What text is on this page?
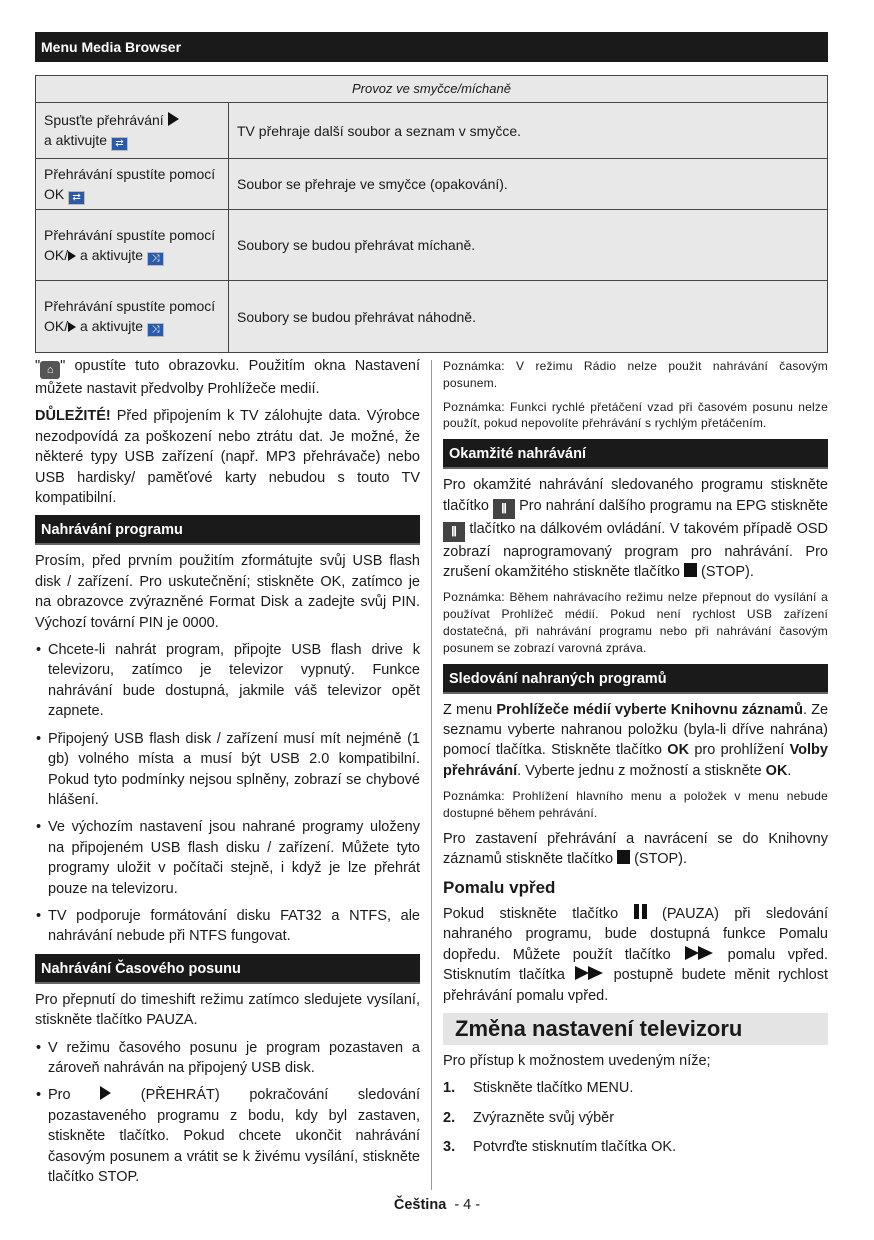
Menu Media Browser
Provoz ve smyčce/míchaně	
Spusťte přehrávání
a aktivujte ⇄	TV přehraje další soubor a seznam v smyčce.
Přehrávání spustíte pomocí OK ⇄	Soubor se přehraje ve smyčce (opakování).
Přehrávání spustíte pomocí OK/ a aktivujte ⤨	Soubory se budou přehrávat míchaně.
Přehrávání spustíte pomocí OK/ a aktivujte ⤨	Soubory se budou přehrávat náhodně.

" ⌂ " opustíte tuto obrazovku. Použitím okna Nastavení můžete nastavit předvolby Prohlížeče medií.

DŮLEŽITÉ! Před připojením k TV zálohujte data. Výrobce nezodpovídá za poškození nebo ztrátu dat. Je možné, že některé typy USB zařízení (např. MP3 přehrávače) nebo USB hardisky/ paměťové karty nebudou s touto TV kompatibilní.

Nahrávání programu

Prosím, před prvním použitím zformátujte svůj USB flash disk / zařízení. Pro uskutečnění; stiskněte OK, zatímco je na obrazovce zvýrazněné Format Disk a zadejte svůj PIN. Výchozí tovární PIN je 0000.

• Chcete-li nahrát program, připojte USB flash drive k televizoru, zatímco je televizor vypnutý. Funkce nahrávání bude dostupná, jakmile váš televizor opět zapnete.
• Připojený USB flash disk / zařízení musí mít nejméně (1 gb) volného místa a musí být USB 2.0 kompatibilní. Pokud tyto podmínky nejsou splněny, zobrazí se chybové hlášení.
• Ve výchozím nastavení jsou nahrané programy uloženy na připojeném USB flash disku / zařízení. Můžete tyto programy uložit v počítači stejně, i když je lze přehrát pouze na televizoru.
• TV podporuje formátování disku FAT32 a NTFS, ale nahrávání nebude při NTFS fungovat.
Nahrávání Časového posunu

Pro přepnutí do timeshift režimu zatímco sledujete vysílaní, stiskněte tlačítko PAUZA.

• V režimu časového posunu je program pozastaven a zároveň nahráván na připojený USB disk.
• Pro  (PŘEHRÁT) pokračování sledování pozastaveného programu z bodu, kdy byl zastaven, stiskněte tlačítko. Pokud chcete ukončit nahrávání časovým posunem a vrátit se k živému vysílání, stiskněte tlačítko STOP.

Poznámka: V režimu Rádio nelze použit nahrávání časovým posunem.

Poznámka: Funkci rychlé přetáčení vzad při časovém posunu nelze použít, pokud nepovolíte přehrávání s rychlým přetáčením.

Okamžité nahrávání

Pro okamžité nahrávání sledovaného programu stiskněte tlačítko ⫼ Pro nahrání dalšího programu na EPG stiskněte ⫼ tlačítko na dálkovém ovládání. V takovém případě OSD zobrazí naprogramovaný program pro nahrávání. Pro zrušení okamžitého stiskněte tlačítko  (STOP).

Poznámka: Během nahrávacího režimu nelze přepnout do vysílání a používat Prohlížeč médií. Pokud není rychlost USB zařízení dostatečná, při nahrávání programu nebo při nahrávání časovým posunem se zobrazí varovná zpráva.

Sledování nahraných programů

Z menu Prohlížeče médií vyberte Knihovnu záznamů. Ze seznamu vyberte nahranou položku (byla-li dříve nahrána) pomocí tlačítka. Stiskněte tlačítko OK pro prohlížení Volby přehrávání. Vyberte jednu z možností a stiskněte OK.

Poznámka: Prohlížení hlavního menu a položek v menu nebude dostupné během pehrávání.

Pro zastavení přehrávání a navrácení se do Knihovny záznamů stiskněte tlačítko  (STOP).

Pomalu vpřed

Pokud stiskněte tlačítko  (PAUZA) při sledování nahraného programu, bude dostupná funkce Pomalu dopředu. Můžete použít tlačítko  pomalu vpřed. Stisknutím tlačítka  postupně budete měnit rychlost přehrávání pomalu vpřed.

Změna nastavení televizoru

Pro přístup k možnostem uvedeným níže;

1. Stiskněte tlačítko MENU.
2. Zvýrazněte svůj výběr
3. Potvrďte stisknutím tlačítka OK.
Čeština  - 4 -
